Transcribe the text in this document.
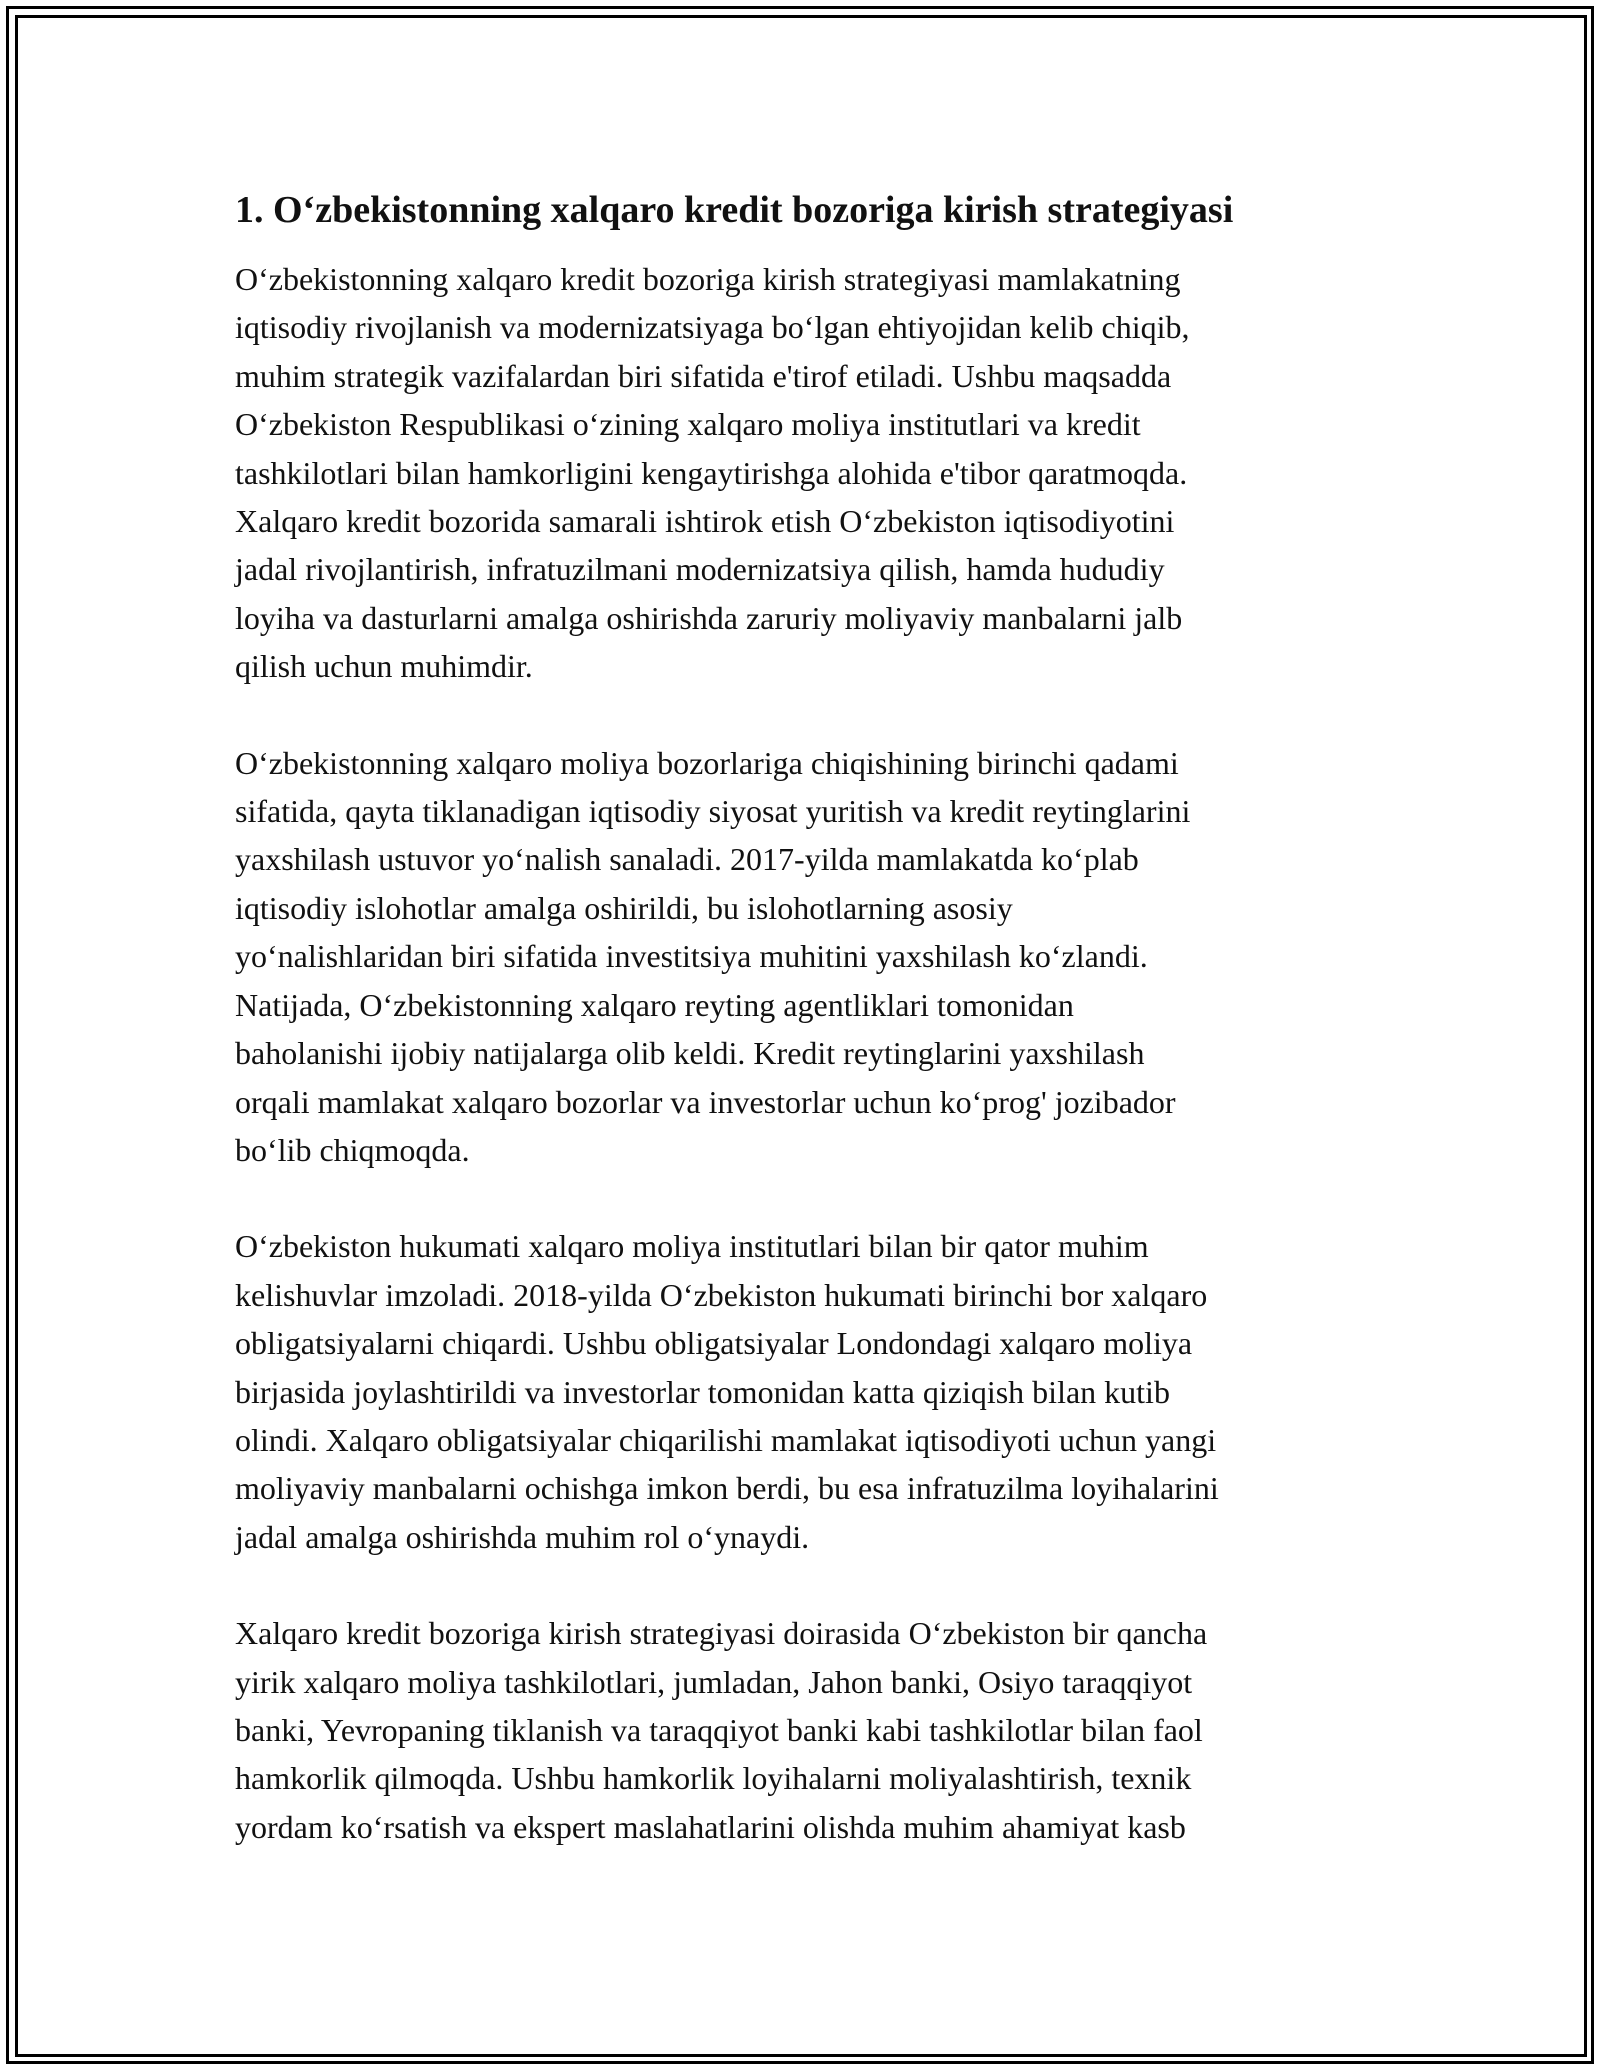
1. O‘zbekistonning xalqaro kredit bozoriga kirish strategiyasi

O‘zbekistonning xalqaro kredit bozoriga kirish strategiyasi mamlakatning
iqtisodiy rivojlanish va modernizatsiyaga bo‘lgan ehtiyojidan kelib chiqib,
muhim strategik vazifalardan biri sifatida e'tirof etiladi. Ushbu maqsadda
O‘zbekiston Respublikasi o‘zining xalqaro moliya institutlari va kredit
tashkilotlari bilan hamkorligini kengaytirishga alohida e'tibor qaratmoqda.
Xalqaro kredit bozorida samarali ishtirok etish O‘zbekiston iqtisodiyotini
jadal rivojlantirish, infratuzilmani modernizatsiya qilish, hamda hududiy
loyiha va dasturlarni amalga oshirishda zaruriy moliyaviy manbalarni jalb
qilish uchun muhimdir.

O‘zbekistonning xalqaro moliya bozorlariga chiqishining birinchi qadami
sifatida, qayta tiklanadigan iqtisodiy siyosat yuritish va kredit reytinglarini
yaxshilash ustuvor yo‘nalish sanaladi. 2017-yilda mamlakatda ko‘plab
iqtisodiy islohotlar amalga oshirildi, bu islohotlarning asosiy
yo‘nalishlaridan biri sifatida investitsiya muhitini yaxshilash ko‘zlandi.
Natijada, O‘zbekistonning xalqaro reyting agentliklari tomonidan
baholanishi ijobiy natijalarga olib keldi. Kredit reytinglarini yaxshilash
orqali mamlakat xalqaro bozorlar va investorlar uchun ko‘prog' jozibador
bo‘lib chiqmoqda.

O‘zbekiston hukumati xalqaro moliya institutlari bilan bir qator muhim
kelishuvlar imzoladi. 2018-yilda O‘zbekiston hukumati birinchi bor xalqaro
obligatsiyalarni chiqardi. Ushbu obligatsiyalar Londondagi xalqaro moliya
birjasida joylashtirildi va investorlar tomonidan katta qiziqish bilan kutib
olindi. Xalqaro obligatsiyalar chiqarilishi mamlakat iqtisodiyoti uchun yangi
moliyaviy manbalarni ochishga imkon berdi, bu esa infratuzilma loyihalarini
jadal amalga oshirishda muhim rol o‘ynaydi.

Xalqaro kredit bozoriga kirish strategiyasi doirasida O‘zbekiston bir qancha
yirik xalqaro moliya tashkilotlari, jumladan, Jahon banki, Osiyo taraqqiyot
banki, Yevropaning tiklanish va taraqqiyot banki kabi tashkilotlar bilan faol
hamkorlik qilmoqda. Ushbu hamkorlik loyihalarni moliyalashtirish, texnik
yordam ko‘rsatish va ekspert maslahatlarini olishda muhim ahamiyat kasb
